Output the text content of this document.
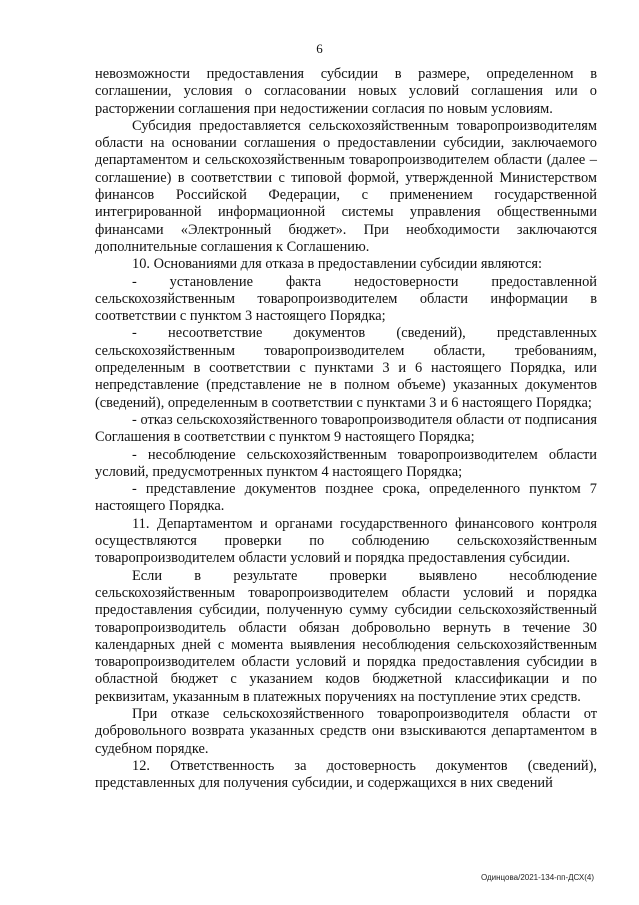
6

невозможности предоставления субсидии в размере, определенном в соглашении, условия о согласовании новых условий соглашения или о расторжении соглашения при недостижении согласия по новым условиям.

Субсидия предоставляется сельскохозяйственным товаропроизводителям области на основании соглашения о предоставлении субсидии, заключаемого департаментом и сельскохозяйственным товаропроизводителем области (далее – соглашение) в соответствии с типовой формой, утвержденной Министерством финансов Российской Федерации, с применением государственной интегрированной информационной системы управления общественными финансами «Электронный бюджет». При необходимости заключаются дополнительные соглашения к Соглашению.

10. Основаниями для отказа в предоставлении субсидии являются:

- установление факта недостоверности предоставленной сельскохозяйственным товаропроизводителем области информации в соответствии с пунктом 3 настоящего Порядка;

- несоответствие документов (сведений), представленных сельскохозяйственным товаропроизводителем области, требованиям, определенным в соответствии с пунктами 3 и 6 настоящего Порядка, или непредставление (представление не в полном объеме) указанных документов (сведений), определенным в соответствии с пунктами 3 и 6 настоящего Порядка;

- отказ сельскохозяйственного товаропроизводителя области от подписания Соглашения в соответствии с пунктом 9 настоящего Порядка;

- несоблюдение сельскохозяйственным товаропроизводителем области условий, предусмотренных пунктом 4 настоящего Порядка;

- представление документов позднее срока, определенного пунктом 7 настоящего Порядка.

11. Департаментом и органами государственного финансового контроля осуществляются проверки по соблюдению сельскохозяйственным товаропроизводителем области условий и порядка предоставления субсидии.

Если в результате проверки выявлено несоблюдение сельскохозяйственным товаропроизводителем области условий и порядка предоставления субсидии, полученную сумму субсидии сельскохозяйственный товаропроизводитель области обязан добровольно вернуть в течение 30 календарных дней с момента выявления несоблюдения сельскохозяйственным товаропроизводителем области условий и порядка предоставления субсидии в областной бюджет с указанием кодов бюджетной классификации и по реквизитам, указанным в платежных поручениях на поступление этих средств.

При отказе сельскохозяйственного товаропроизводителя области от добровольного возврата указанных средств они взыскиваются департаментом в судебном порядке.

12. Ответственность за достоверность документов (сведений), представленных для получения субсидии, и содержащихся в них сведений

Одинцова/2021-134-пп-ДСХ(4)
